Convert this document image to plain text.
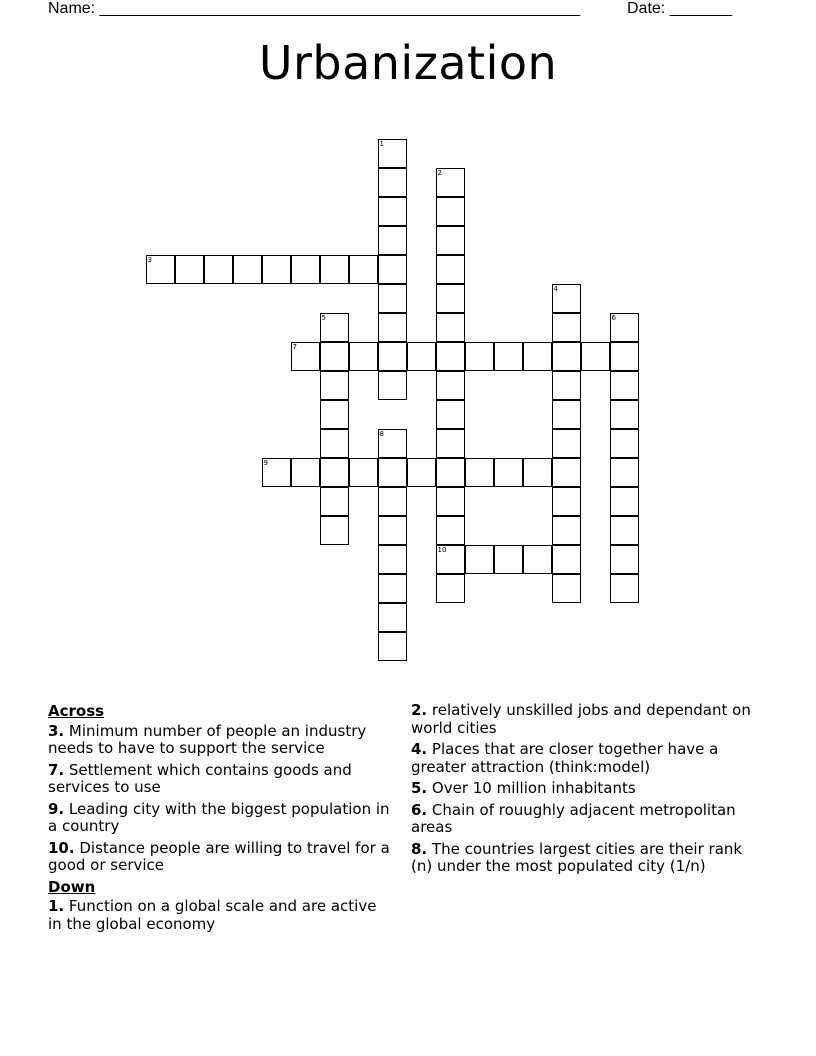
Name: ______________________________________________________	Date: _______
Urbanization
1
2
10
3
4
5	6
7
8
9
Across
3. Minimum number of people an industry needs to have to support the service
7. Settlement which contains goods and services to use
9. Leading city with the biggest population in a country
10. Distance people are willing to travel for a good or service
Down
1. Function on a global scale and are active in the global economy
2. relatively unskilled jobs and dependant on world cities
4. Places that are closer together have a greater attraction (think:model)
5. Over 10 million inhabitants
6. Chain of rouughly adjacent metropolitan areas
8. The countries largest cities are their rank (n) under the most populated city (1/n)
